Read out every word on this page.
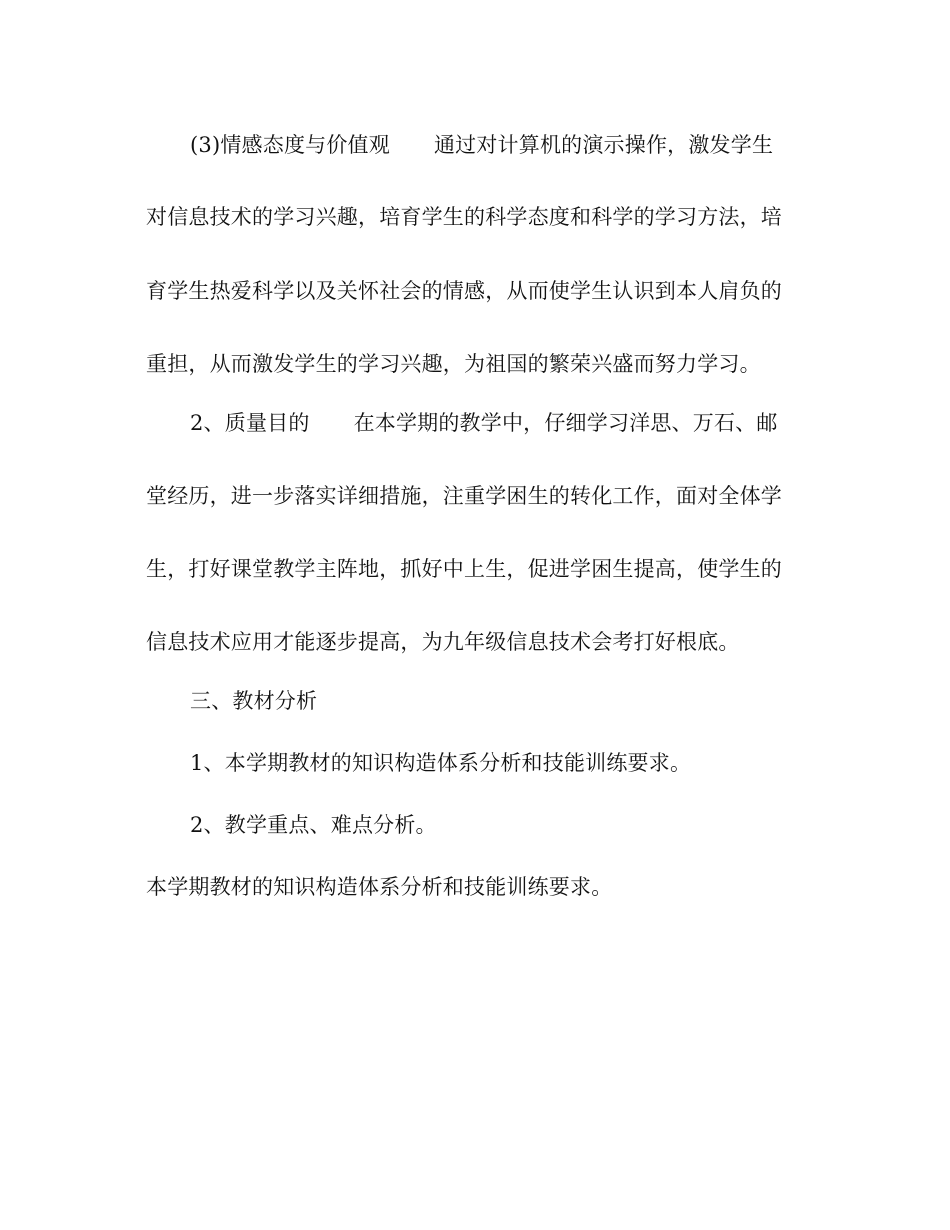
(3)情感态度与价值观 通过对计算机的演示操作，激发学生
对信息技术的学习兴趣，培育学生的科学态度和科学的学习方法，培
育学生热爱科学以及关怀社会的情感，从而使学生认识到本人肩负的
重担，从而激发学生的学习兴趣，为祖国的繁荣兴盛而努力学习。
2、质量目的 在本学期的教学中，仔细学习洋思、万石、邮
堂经历，进一步落实详细措施，注重学困生的转化工作，面对全体学
生，打好课堂教学主阵地，抓好中上生，促进学困生提高，使学生的
信息技术应用才能逐步提高，为九年级信息技术会考打好根底。
三、教材分析
1、本学期教材的知识构造体系分析和技能训练要求。
2、教学重点、难点分析。
本学期教材的知识构造体系分析和技能训练要求。
